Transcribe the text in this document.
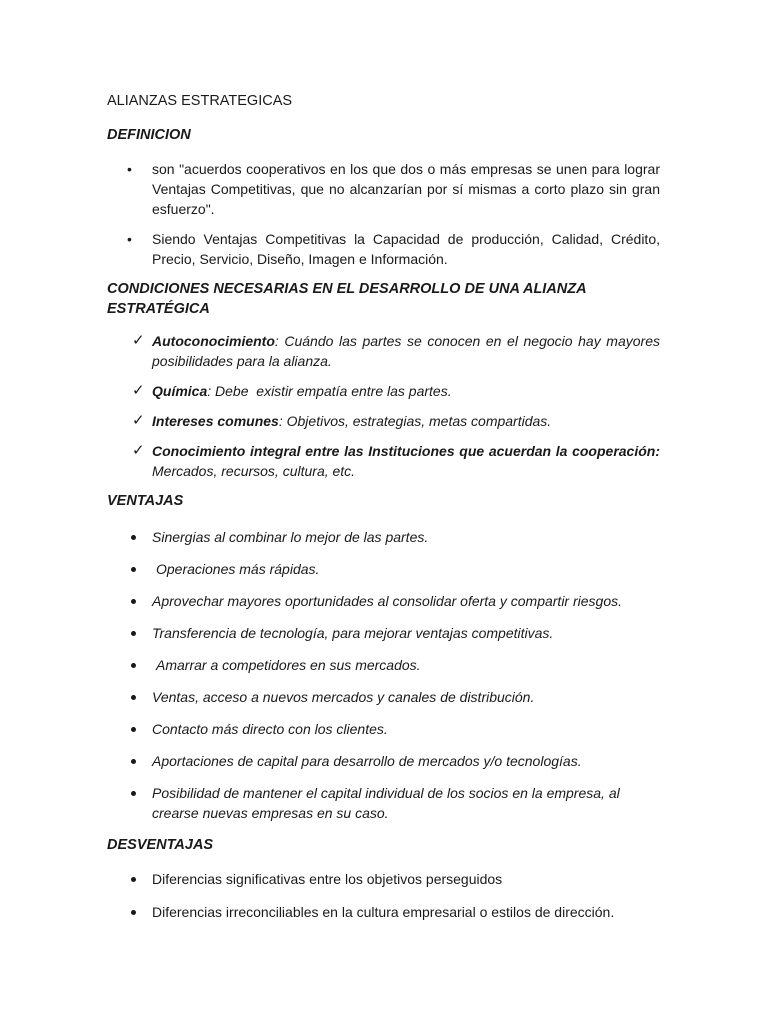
ALIANZAS ESTRATEGICAS

DEFINICION

• son "acuerdos cooperativos en los que dos o más empresas se unen para lograr Ventajas Competitivas, que no alcanzarían por sí mismas a corto plazo sin gran esfuerzo".
• Siendo Ventajas Competitivas la Capacidad de producción, Calidad, Crédito, Precio, Servicio, Diseño, Imagen e Información.

CONDICIONES NECESARIAS EN EL DESARROLLO DE UNA ALIANZA ESTRATÉGICA

✓ Autoconocimiento: Cuándo las partes se conocen en el negocio hay mayores posibilidades para la alianza.
✓ Química: Debe  existir empatía entre las partes.
✓ Intereses comunes: Objetivos, estrategias, metas compartidas.
✓ Conocimiento integral entre las Instituciones que acuerdan la cooperación: Mercados, recursos, cultura, etc.

VENTAJAS

Sinergias al combinar lo mejor de las partes.
Operaciones más rápidas.
Aprovechar mayores oportunidades al consolidar oferta y compartir riesgos.
Transferencia de tecnología, para mejorar ventajas competitivas.
Amarrar a competidores en sus mercados.
Ventas, acceso a nuevos mercados y canales de distribución.
Contacto más directo con los clientes.
Aportaciones de capital para desarrollo de mercados y/o tecnologías.
Posibilidad de mantener el capital individual de los socios en la empresa, al crearse nuevas empresas en su caso.

DESVENTAJAS

Diferencias significativas entre los objetivos perseguidos
Diferencias irreconciliables en la cultura empresarial o estilos de dirección.
